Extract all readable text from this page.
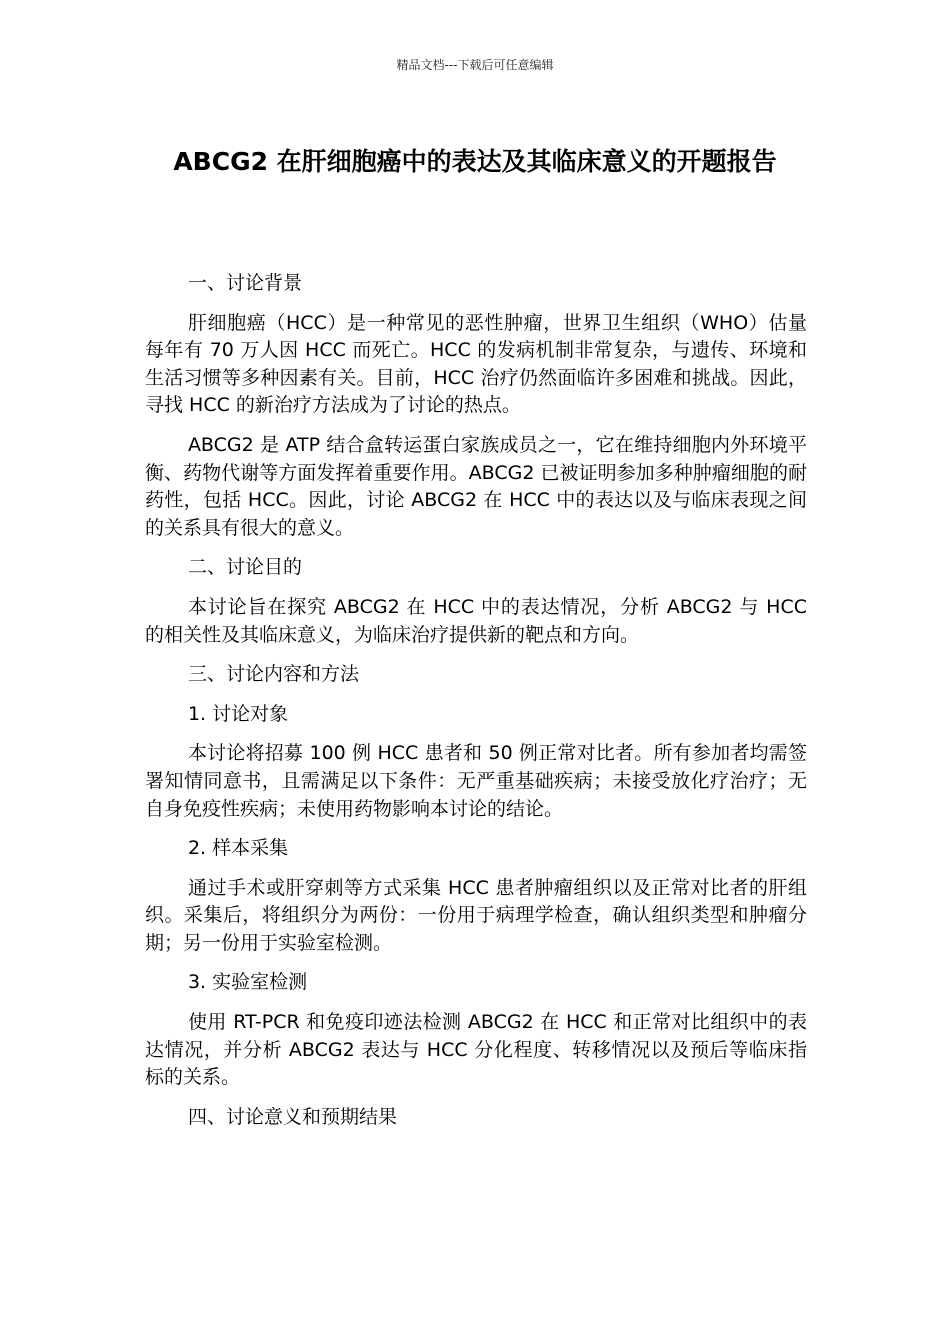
精品文档---下载后可任意编辑
ABCG2 在肝细胞癌中的表达及其临床意义的开题报告

一、讨论背景

肝细胞癌（HCC）是一种常见的恶性肿瘤，世界卫生组织（WHO）估量每年有 70 万人因 HCC 而死亡。HCC 的发病机制非常复杂，与遗传、环境和生活习惯等多种因素有关。目前，HCC 治疗仍然面临许多困难和挑战。因此，寻找 HCC 的新治疗方法成为了讨论的热点。

ABCG2 是 ATP 结合盒转运蛋白家族成员之一，它在维持细胞内外环境平衡、药物代谢等方面发挥着重要作用。ABCG2 已被证明参加多种肿瘤细胞的耐药性，包括 HCC。因此，讨论 ABCG2 在 HCC 中的表达以及与临床表现之间的关系具有很大的意义。

二、讨论目的

本讨论旨在探究 ABCG2 在 HCC 中的表达情况，分析 ABCG2 与 HCC 的相关性及其临床意义，为临床治疗提供新的靶点和方向。

三、讨论内容和方法

1. 讨论对象

本讨论将招募 100 例 HCC 患者和 50 例正常对比者。所有参加者均需签署知情同意书，且需满足以下条件：无严重基础疾病；未接受放化疗治疗；无自身免疫性疾病；未使用药物影响本讨论的结论。

2. 样本采集

通过手术或肝穿刺等方式采集 HCC 患者肿瘤组织以及正常对比者的肝组织。采集后，将组织分为两份：一份用于病理学检查，确认组织类型和肿瘤分期；另一份用于实验室检测。

3. 实验室检测

使用 RT-PCR 和免疫印迹法检测 ABCG2 在 HCC 和正常对比组织中的表达情况，并分析 ABCG2 表达与 HCC 分化程度、转移情况以及预后等临床指标的关系。

四、讨论意义和预期结果
